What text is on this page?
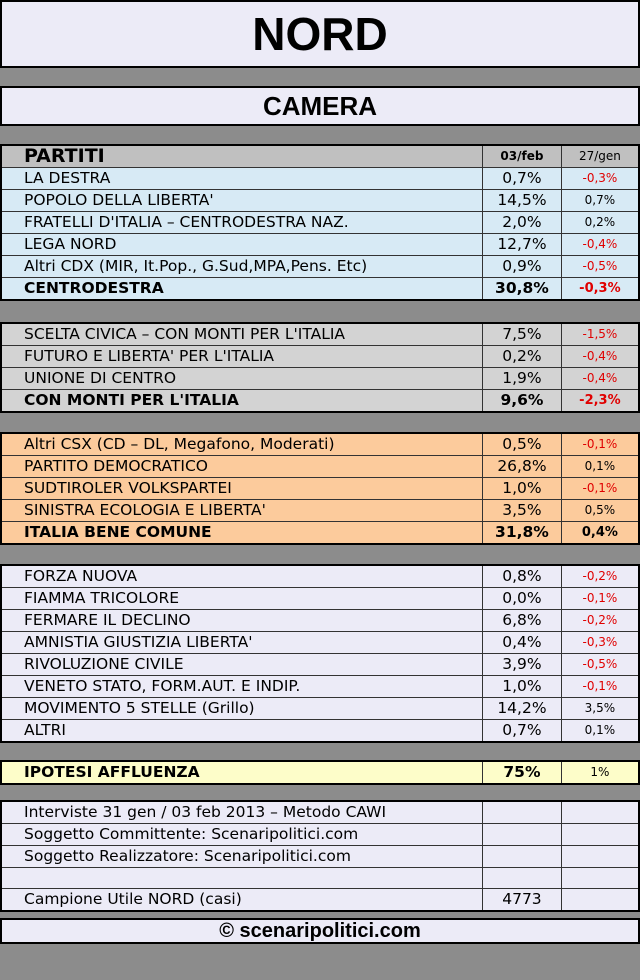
NORD
CAMERA
PARTITI	03/feb	27/gen
LA DESTRA	0,7%	-0,3%
POPOLO DELLA LIBERTA'	14,5%	0,7%
FRATELLI D'ITALIA – CENTRODESTRA NAZ.	2,0%	0,2%
LEGA NORD	12,7%	-0,4%
Altri CDX (MIR, It.Pop., G.Sud,MPA,Pens. Etc)	0,9%	-0,5%
CENTRODESTRA	30,8%	-0,3%
SCELTA CIVICA – CON MONTI PER L'ITALIA	7,5%	-1,5%
FUTURO E LIBERTA' PER L'ITALIA	0,2%	-0,4%
UNIONE DI CENTRO	1,9%	-0,4%
CON MONTI PER L'ITALIA	9,6%	-2,3%
Altri CSX (CD – DL, Megafono, Moderati)	0,5%	-0,1%
PARTITO DEMOCRATICO	26,8%	0,1%
SUDTIROLER VOLKSPARTEI	1,0%	-0,1%
SINISTRA ECOLOGIA E LIBERTA'	3,5%	0,5%
ITALIA BENE COMUNE	31,8%	0,4%
FORZA NUOVA	0,8%	-0,2%
FIAMMA TRICOLORE	0,0%	-0,1%
FERMARE IL DECLINO	6,8%	-0,2%
AMNISTIA GIUSTIZIA LIBERTA'	0,4%	-0,3%
RIVOLUZIONE CIVILE	3,9%	-0,5%
VENETO STATO, FORM.AUT. E INDIP.	1,0%	-0,1%
MOVIMENTO 5 STELLE (Grillo)	14,2%	3,5%
ALTRI	0,7%	0,1%
IPOTESI AFFLUENZA	75%	1%
Interviste 31 gen / 03 feb 2013 – Metodo CAWI		
Soggetto Committente: Scenaripolitici.com		
Soggetto Realizzatore: Scenaripolitici.com		

Campione Utile NORD (casi)	4773	
© scenaripolitici.com
